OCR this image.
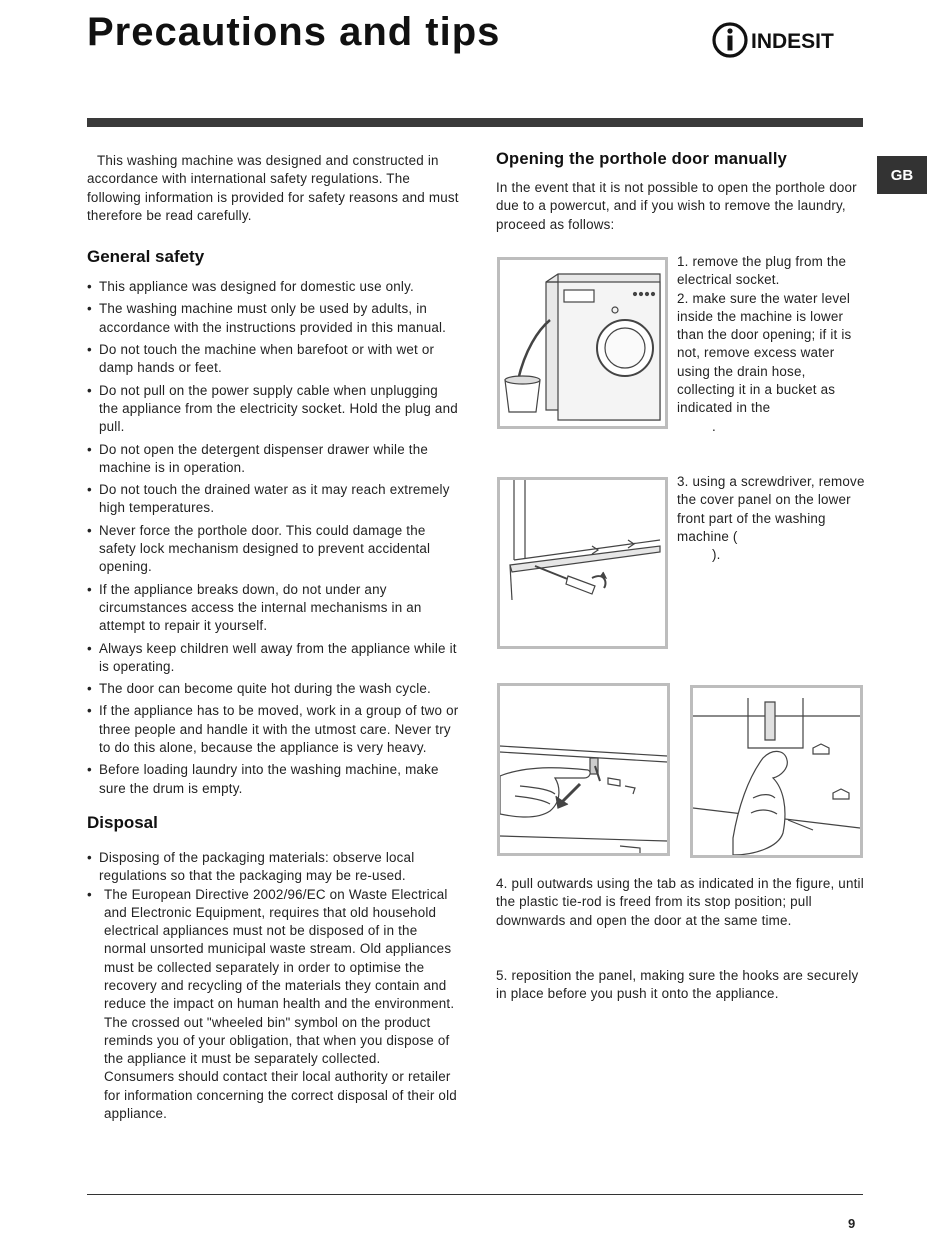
Precautions and tips	INDESIT
GB

This washing machine was designed and constructed in accordance with international safety regulations. The following information is provided for safety reasons and must therefore be read carefully.

General safety
• This appliance was designed for domestic use only.
• The washing machine must only be used by adults, in accordance with the instructions provided in this manual.
• Do not touch the machine when barefoot or with wet or damp hands or feet.
• Do not pull on the power supply cable when unplugging the appliance from the electricity socket. Hold the plug and pull.
• Do not open the detergent dispenser drawer while the machine is in operation.
• Do not touch the drained water as it may reach extremely high temperatures.
• Never force the porthole door. This could damage the safety lock mechanism designed to prevent accidental opening.
• If the appliance breaks down, do not under any circumstances access the internal mechanisms in an attempt to repair it yourself.
• Always keep children well away from the appliance while it is operating.
• The door can become quite hot during the wash cycle.
• If the appliance has to be moved, work in a group of two or three people and handle it with the utmost care. Never try to do this alone, because the appliance is very heavy.
• Before loading laundry into the washing machine, make sure the drum is empty.
Disposal
• Disposing of the packaging materials: observe local regulations so that the packaging may be re-used.
• The European Directive 2002/96/EC on Waste Electrical and Electronic Equipment, requires that old household electrical appliances must not be disposed of in the normal unsorted municipal waste stream. Old appliances must be collected separately in order to optimise the recovery and recycling of the materials they contain and reduce the impact on human health and the environment. The crossed out "wheeled bin" symbol on the product reminds you of your obligation, that when you dispose of the appliance it must be separately collected.
Consumers should contact their local authority or retailer for information concerning the correct disposal of their old appliance.
Opening the porthole door manually

In the event that it is not possible to open the porthole door due to a powercut, and if you wish to remove the laundry, proceed as follows:

1. remove the plug from the electrical socket.
2. make sure the water level inside the machine is lower than the door opening; if it is not, remove excess water using the drain hose, collecting it in a bucket as indicated in the
.
3. using a screwdriver, remove the cover panel on the lower front part of the washing machine (
).
4. pull outwards using the tab as indicated in the figure, until the plastic tie-rod is freed from its stop position; pull downwards and open the door at the same time.
5. reposition the panel, making sure the hooks are securely in place before you push it onto the appliance.
9
